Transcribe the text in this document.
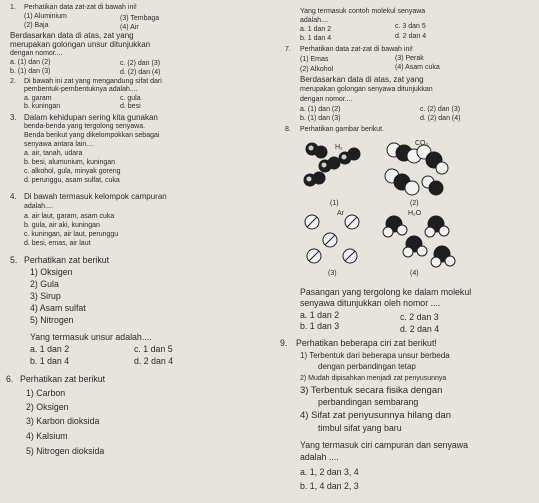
1. Perhatikan data zat-zat di bawah ini!
(1) Aluminium	(3) Tembaga
(2) Baja	(4) Air
Berdasarkan data di atas, zat yang
merupakan golongan unsur ditunjukkan
dengan nomor....
a. (1) dan (2)	c. (2) dan (3)
b. (1) dan (3)	d. (2) dan (4)
2. Di bawah ini zat yang mengandung sifat dari
pembentuk-pembentuknya adalah....
a. garam	c. gula
b. kuningan	d. besi
3. Dalam kehidupan sering kita gunakan
benda-benda yang tergolong senyawa.
Benda berikut yang dikelompokkan sebagai
senyawa antara lain....
a. air, tanah, udara
b. besi, alumunium, kuningan
c. alkohol, gula, minyak goreng
d. perunggu, asam sulfat, cuka
4. Di bawah termasuk kelompok campuran
adalah....
a. air laut, garam, asam cuka
b. gula, air aki, kuningan
c. kuningan, air laut, perunggu
d. besi, emas, air laut
5. Perhatikan zat berikut
1) Oksigen
2) Gula
3) Sirup
4) Asam sulfat
5) Nitrogen
Yang termasuk unsur adalah....
a. 1 dan 2	c. 1 dan 5
b. 1 dan 4	d. 2 dan 4
6. Perhatikan zat berikut
1) Carbon
2) Oksigen
3) Karbon dioksida
4) Kalsium
5) Nitrogen dioksida
Yang termasuk contoh molekul senyawa
adalah....
a. 1 dan 2	c. 3 dan 5
b. 1 dan 4	d. 2 dan 4
7. Perhatikan data zat-zat di bawah ini!
(1) Emas	(3) Perak
(2) Alkohol	(4) Asam cuka
Berdasarkan data di atas, zat yang
merupakan golongan senyawa ditunjukkan
dengan nomor....
a. (1) dan (2)	c. (2) dan (3)
b. (1) dan (3)	d. (2) dan (4)
8. Perhatikan gambar berikut.
H₂
(1)
CO₂
(2)
Ar
(3)
H₂O
(4)
Pasangan yang tergolong ke dalam molekul
senyawa ditunjukkan oleh nomor ....
a. 1 dan 2	c. 2 dan 3
b. 1 dan 3	d. 2 dan 4
9. Perhatikan beberapa ciri zat berikut!
1) Terbentuk dari beberapa unsur berbeda
dengan perbandingan tetap
2) Mudah dipisahkan menjadi zat penyusunnya
3) Terbentuk secara fisika dengan
perbandingan sembarang
4) Sifat zat penyusunnya hilang dan
timbul sifat yang baru
Yang termasuk ciri campuran dan senyawa
adalah ....
a. 1, 2 dan 3, 4
b. 1, 4 dan 2, 3
